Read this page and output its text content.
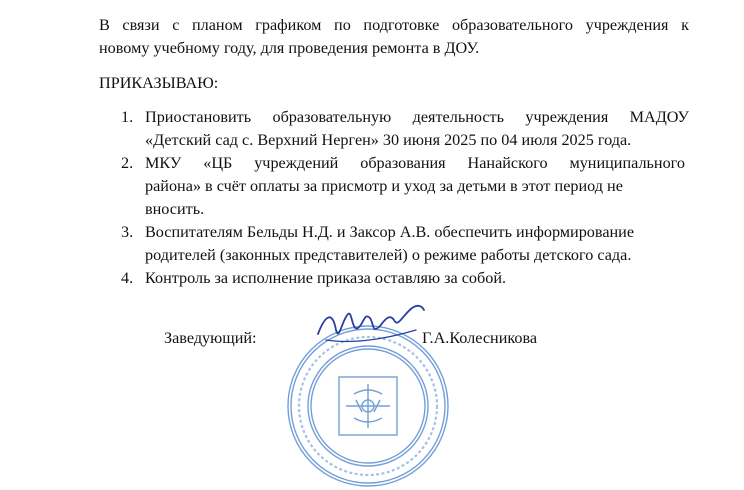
В связи с планом графиком по подготовке образовательного учреждения к
новому учебному году, для проведения ремонта в ДОУ.
ПРИКАЗЫВАЮ:
1. Приостановить образовательную деятельность учреждения МАДОУ
«Детский сад с. Верхний Нерген» 30 июня 2025 по 04 июля 2025 года.
2. МКУ «ЦБ учреждений образования Нанайского муниципального
района» в счёт оплаты за присмотр и уход за детьми в этот период не
вносить.
3. Воспитателям Бельды Н.Д. и Заксор А.В. обеспечить информирование
родителей (законных представителей) о режиме работы детского сада.
4. Контроль за исполнение приказа оставляю за собой.
Заведующий:	Г.А.Колесникова
